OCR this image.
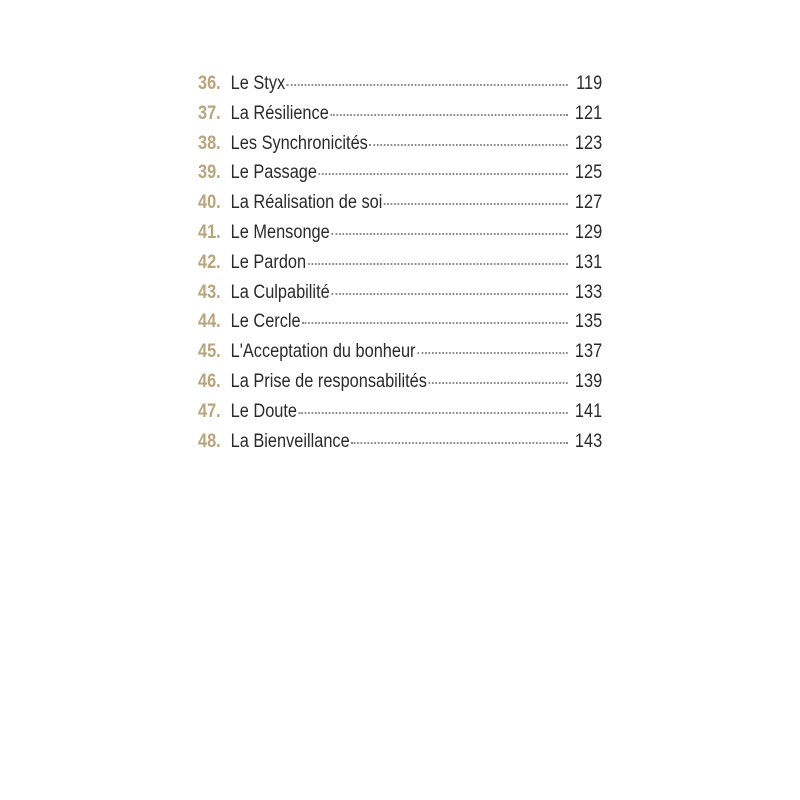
36. Le Styx	119
37. La Résilience	121
38. Les Synchronicités	123
39. Le Passage	125
40. La Réalisation de soi	127
41. Le Mensonge	129
42. Le Pardon	131
43. La Culpabilité	133
44. Le Cercle	135
45. L'Acceptation du bonheur	137
46. La Prise de responsabilités	139
47. Le Doute	141
48. La Bienveillance	143
